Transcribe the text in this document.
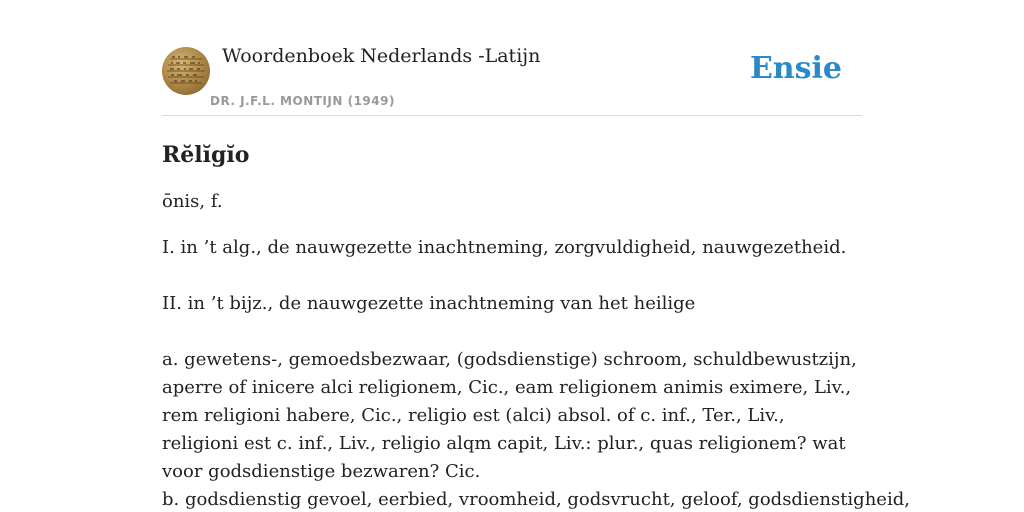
Woordenboek Nederlands -Latijn
DR. J.F.L. MONTIJN (1949)
Ensie
Rĕlĭgĭo

ōnis, f.

I. in ’t alg., de nauwgezette inachtneming, zorgvuldigheid, nauwgezetheid.

II. in ’t bijz., de nauwgezette inachtneming van het heilige

a. gewetens-, gemoedsbezwaar, (godsdienstige) schroom, schuldbewustzijn, aperre of inicere alci religionem, Cic., eam religionem animis eximere, Liv., rem religioni habere, Cic., religio est (alci) absol. of c. inf., Ter., Liv., religioni est c. inf., Liv., religio alqm capit, Liv.: plur., quas religionem? wat voor godsdienstige bezwaren? Cic.

b. godsdienstig gevoel, eerbied, vroomheid, godsvrucht, geloof, godsdienstigheid,
